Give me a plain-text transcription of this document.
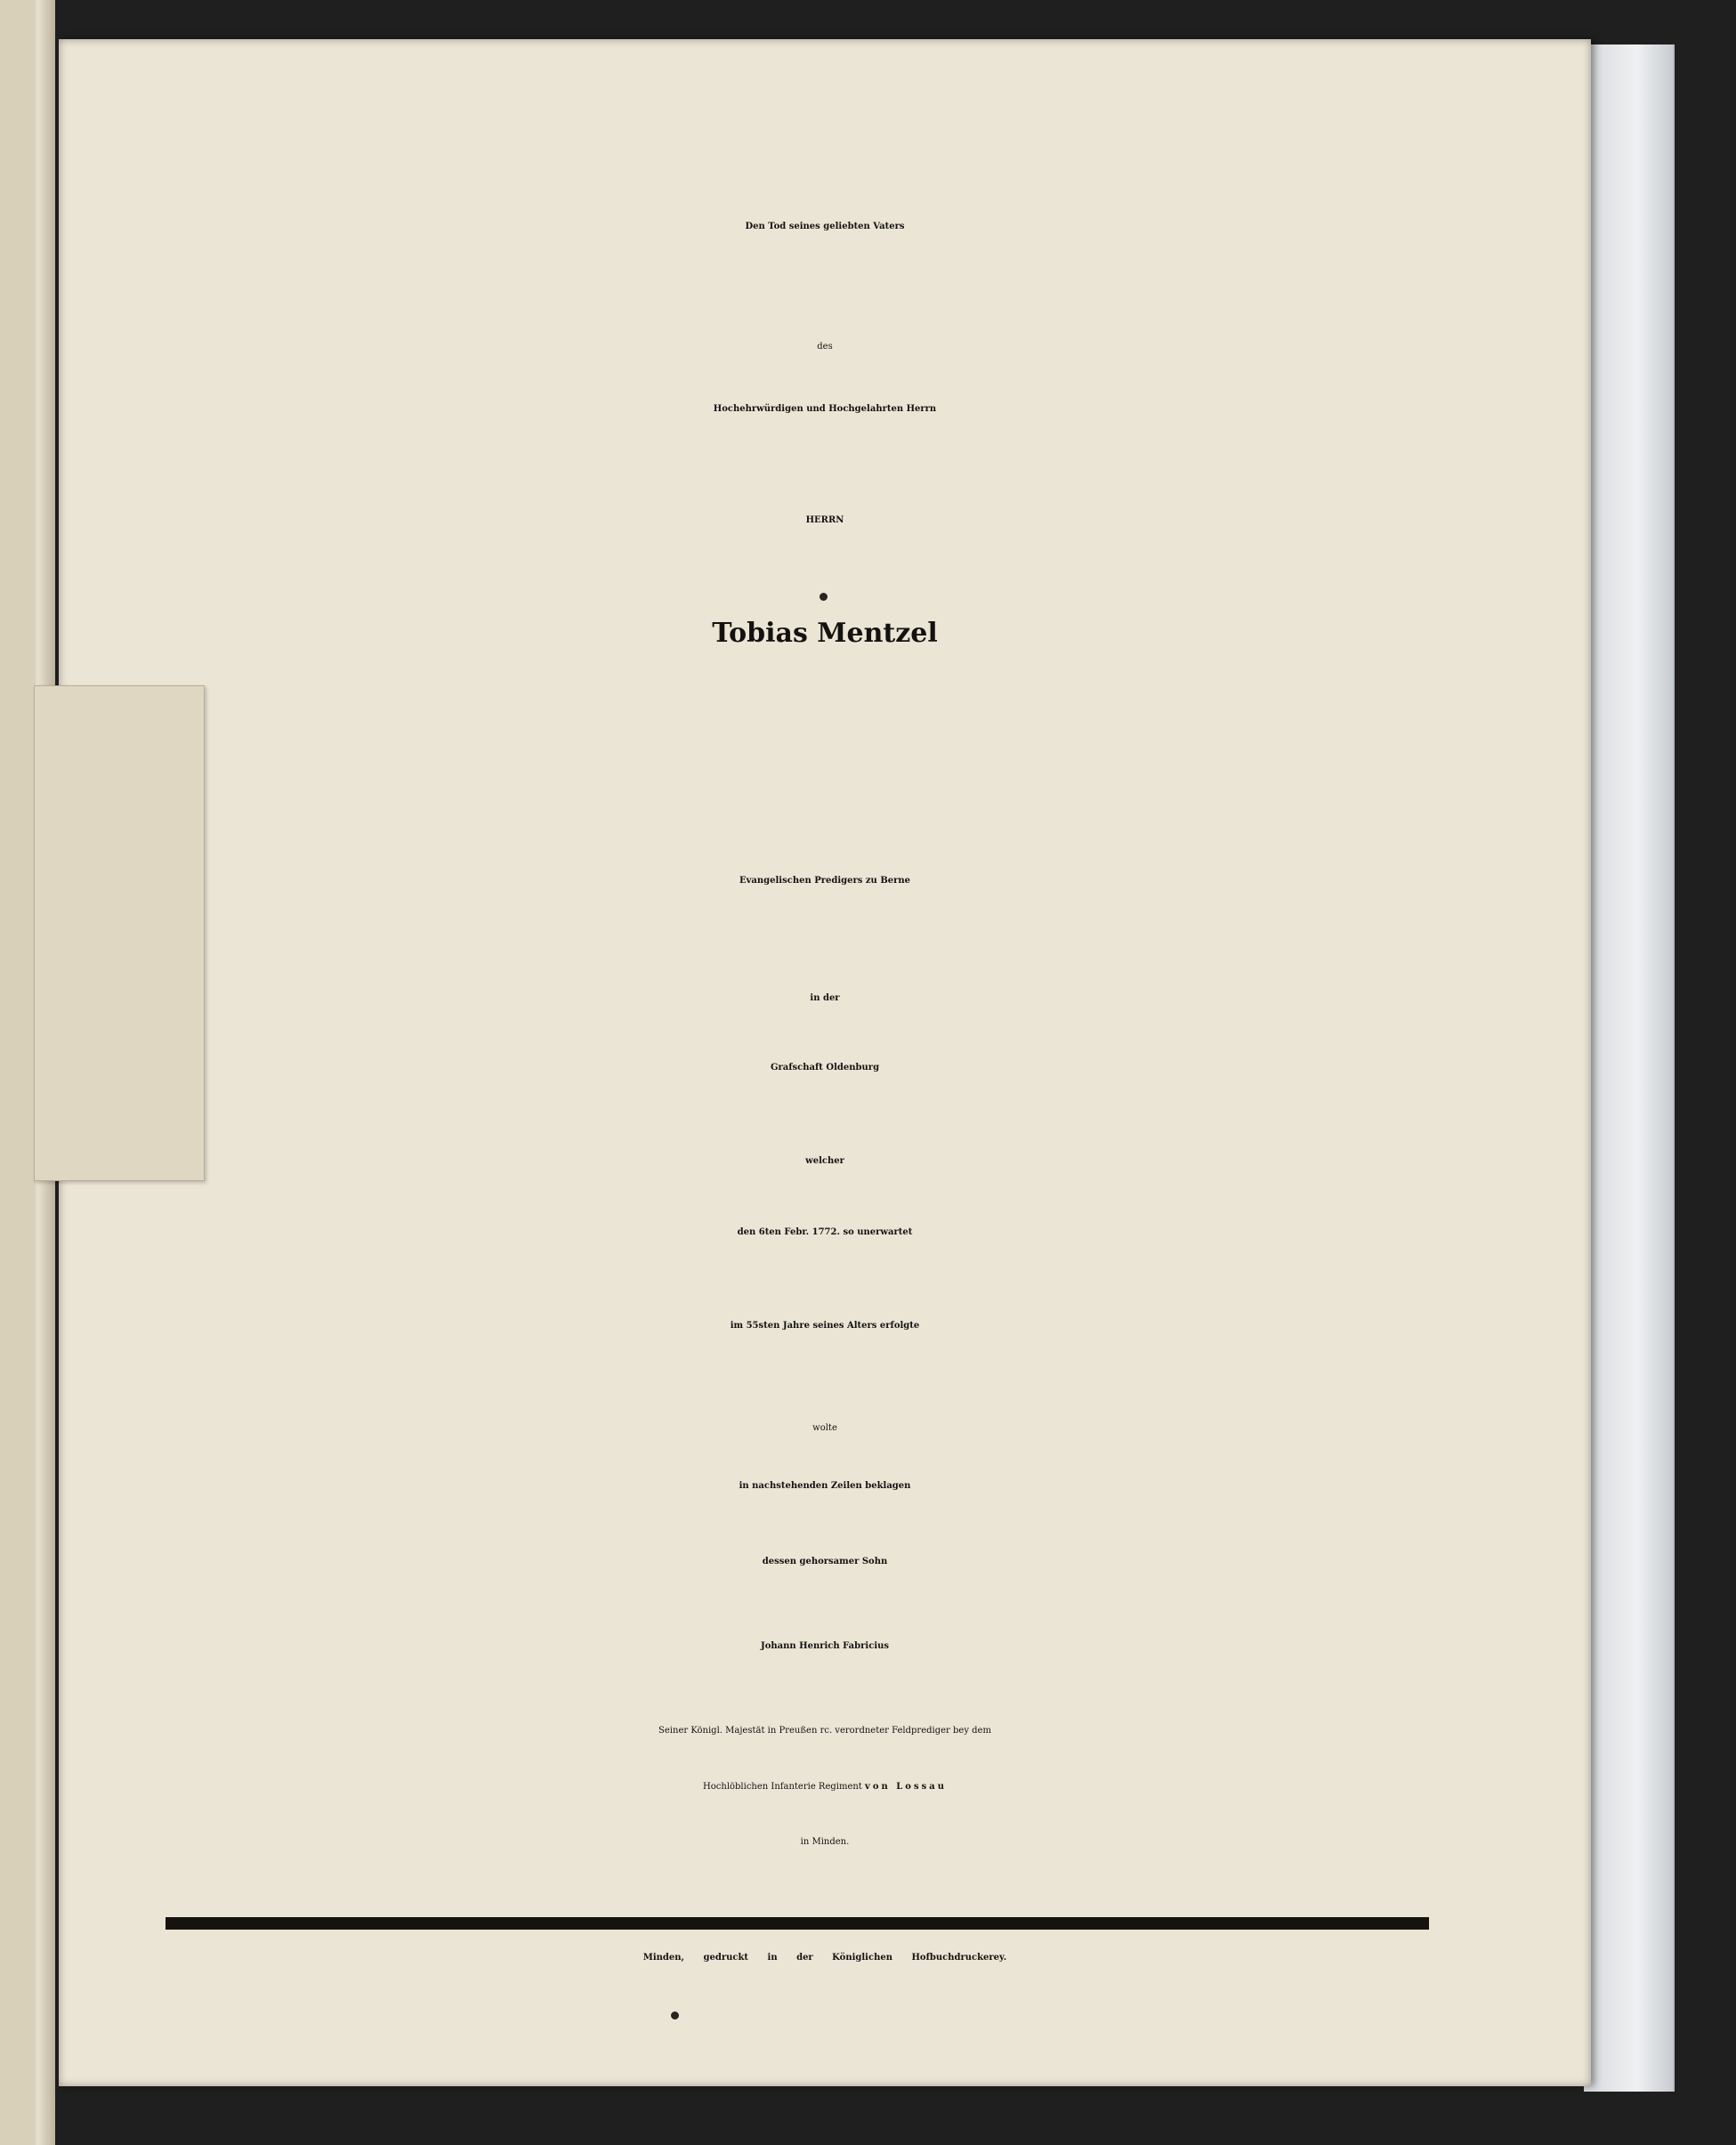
Den Tod seines geliebten Vaters
des
Hochehrwürdigen und Hochgelahrten Herrn
HERRN
Tobias Mentzel
Evangelischen Predigers zu Berne
in der
Grafschaft Oldenburg
welcher
den 6ten Febr. 1772. so unerwartet
im 55sten Jahre seines Alters erfolgte
wolte
in nachstehenden Zeilen beklagen
dessen gehorsamer Sohn
Johann Henrich Fabricius
Seiner Königl. Majestät in Preußen rc. verordneter Feldprediger bey dem
Hochlöblichen Infanterie Regiment von Lossau
in Minden.
Minden, gedruckt in der Königlichen Hofbuchdruckerey.
